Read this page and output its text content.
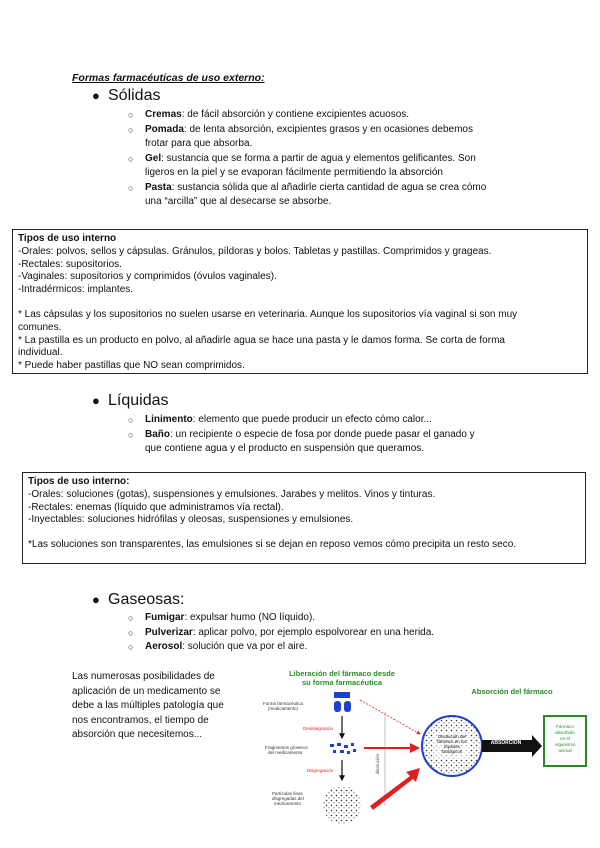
Formas farmacéuticas de uso externo:
● Sólidas
○ Cremas: de fácil absorción y contiene excipientes acuosos.
○ Pomada: de lenta absorción, excipientes grasos y en ocasiones debemos
frotar para que absorba.
○ Gel: sustancia que se forma a partir de agua y elementos gelificantes. Son
ligeros en la piel y se evaporan fácilmente permitiendo la absorción
○ Pasta: sustancia sólida que al añadirle cierta cantidad de agua se crea cómo
una “arcilla” que al desecarse se absorbe.
Tipos de uso interno
-Orales: polvos, sellos y cápsulas. Gránulos, píldoras y bolos. Tabletas y pastillas. Comprimidos y grageas.
-Rectales: supositorios.
-Vaginales: supositorios y comprimidos (óvulos vaginales).
-Intradérmicos: implantes.
* Las cápsulas y los supositorios no suelen usarse en veterinaria. Aunque los supositorios vía vaginal si son muy
comunes.
* La pastilla es un producto en polvo, al añadirle agua se hace una pasta y le damos forma. Se corta de forma
individual.
* Puede haber pastillas que NO sean comprimidos.
● Líquidas
○ Linimento: elemento que puede producir un efecto cómo calor...
○ Baño: un recipiente o especie de fosa por donde puede pasar el ganado y
que contiene agua y el producto en suspensión que queramos.
Tipos de uso interno:
-Orales: soluciones (gotas), suspensiones y emulsiones. Jarabes y melitos. Vinos y tinturas.
-Rectales: enemas (líquido que administramos vía rectal).
-Inyectables: soluciones hidrófilas y oleosas, suspensiones y emulsiones.
*Las soluciones son transparentes, las emulsiones si se dejan en reposo vemos cómo precipita un resto seco.
● Gaseosas:
○ Fumigar: expulsar humo (NO líquido).
○ Pulverizar: aplicar polvo, por ejemplo espolvorear en una herida.
○ Aerosol: solución que va por el aire.
Las numerosas posibilidades de
aplicación de un medicamento se
debe a las múltiples patología que
nos encontramos, el tiempo de
absorción que necesitemos...
Liberación del fármaco desde
su forma farmacéutica
Absorción del fármaco
Forma farmacéutica
(medicamento)
Desintegración
Fragmentos groseros
del medicamento
Disgregación
Partículas finas
disgregadas del
medicamento
disolución
Disolución del
fármaco en los
líquidos
biológicos
ABSORCIÓN
Fármaco
absorbido
en el
organismo
animal
